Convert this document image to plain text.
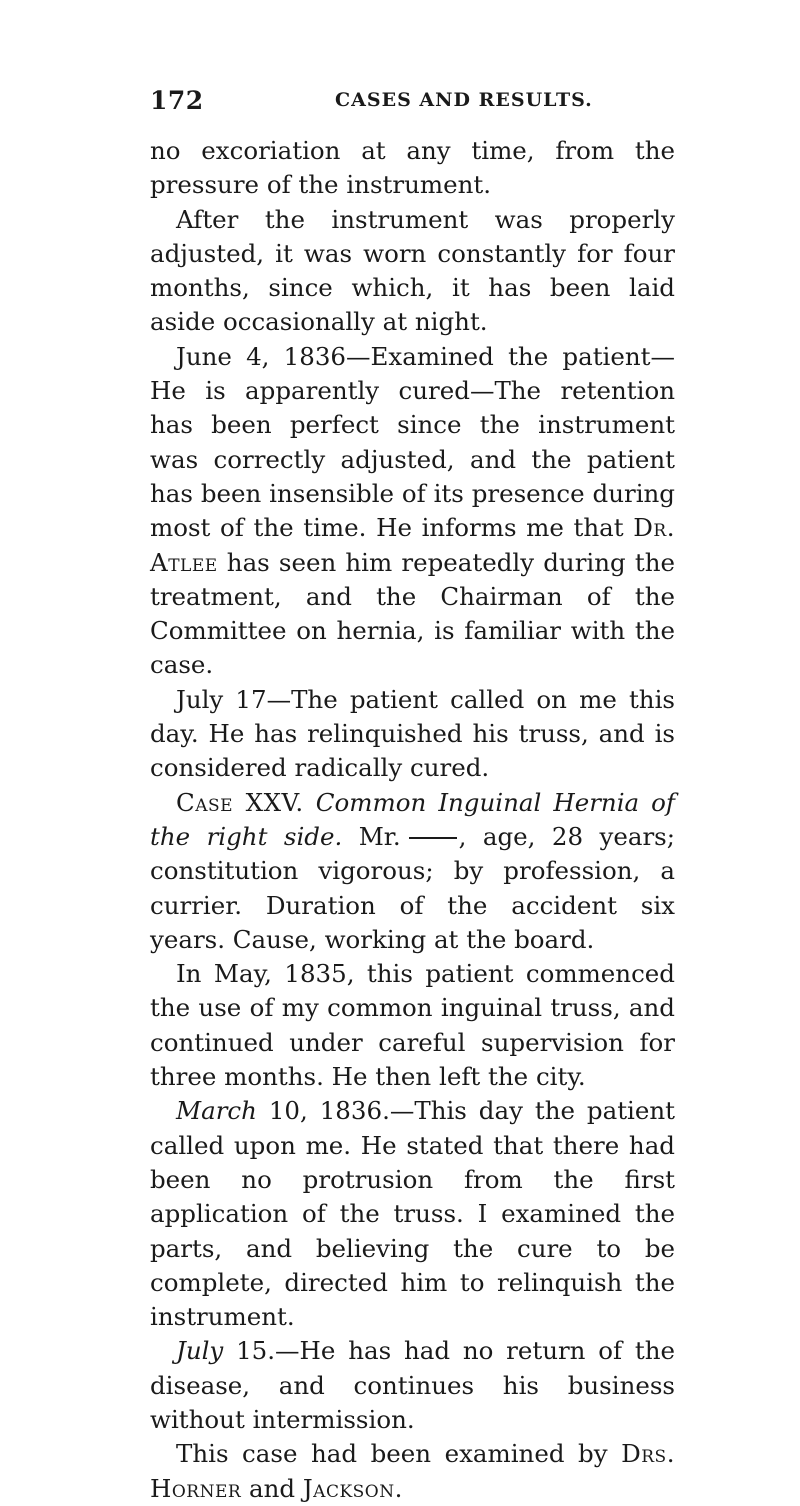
172	CASES AND RESULTS.

no excoriation at any time, from the pressure of the instrument.

After the instrument was properly adjusted, it was worn constantly for four months, since which, it has been laid aside occasionally at night.

June 4, 1836—Examined the patient—He is apparently cured—The retention has been perfect since the instrument was correctly adjusted, and the patient has been insensible of its presence during most of the time. He informs me that Dr. Atlee has seen him repeatedly during the treatment, and the Chairman of the Committee on hernia, is familiar with the case.

July 17—The patient called on me this day. He has relinquished his truss, and is considered radically cured.

Case XXV. Common Inguinal Hernia of the right side. Mr. , age, 28 years; constitution vigorous; by profession, a currier. Duration of the accident six years. Cause, working at the board.

In May, 1835, this patient commenced the use of my common inguinal truss, and continued under careful supervision for three months. He then left the city.

March 10, 1836.—This day the patient called upon me. He stated that there had been no protrusion from the first application of the truss. I examined the parts, and believing the cure to be complete, directed him to relinquish the instrument.

July 15.—He has had no return of the disease, and continues his business without intermission.

This case had been examined by Drs. Horner and Jackson.
